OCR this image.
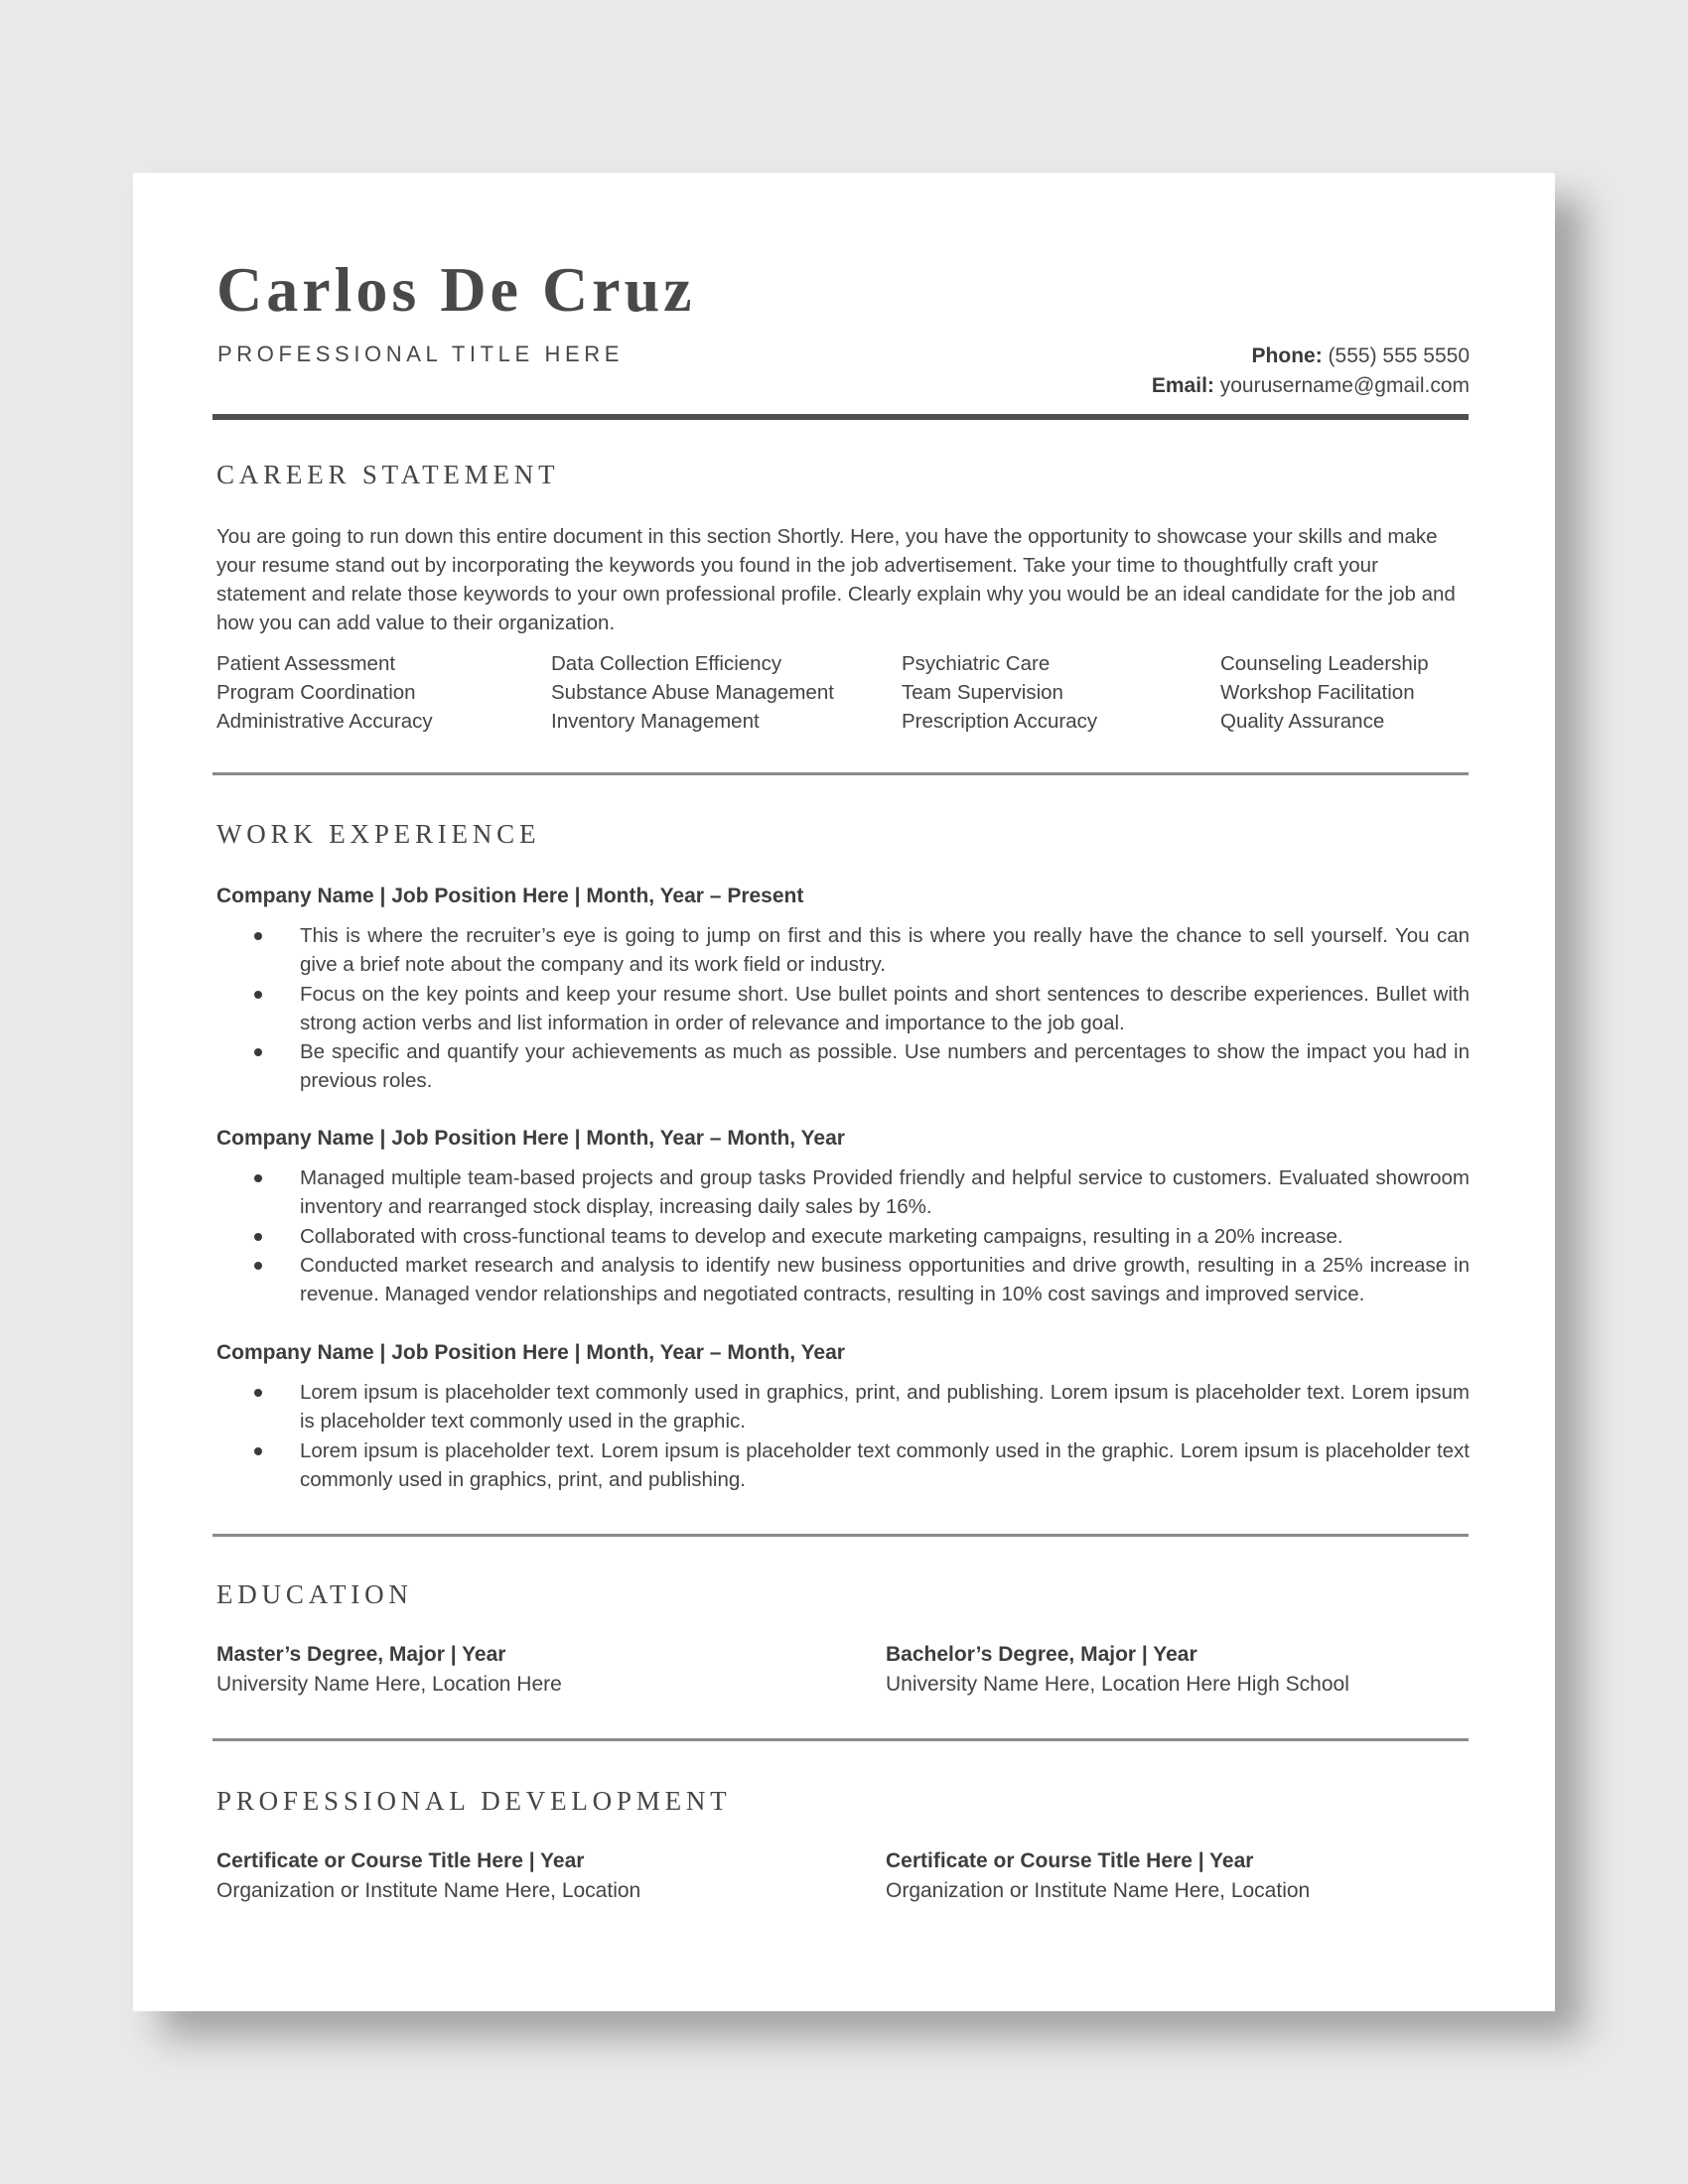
Carlos De Cruz
PROFESSIONAL TITLE HERE	Phone: (555) 555 5550
Email: yourusername@gmail.com
CAREER STATEMENT
You are going to run down this entire document in this section Shortly. Here, you have the opportunity to showcase your skills and make your resume stand out by incorporating the keywords you found in the job advertisement. Take your time to thoughtfully craft your statement and relate those keywords to your own professional profile. Clearly explain why you would be an ideal candidate for the job and how you can add value to their organization.
Patient Assessment
Program Coordination
Administrative Accuracy
Data Collection Efficiency
Substance Abuse Management
Inventory Management
Psychiatric Care
Team Supervision
Prescription Accuracy
Counseling Leadership
Workshop Facilitation
Quality Assurance
WORK EXPERIENCE
Company Name | Job Position Here | Month, Year – Present
This is where the recruiter’s eye is going to jump on first and this is where you really have the chance to sell yourself. You can give a brief note about the company and its work field or industry.
Focus on the key points and keep your resume short. Use bullet points and short sentences to describe experiences. Bullet with strong action verbs and list information in order of relevance and importance to the job goal.
Be specific and quantify your achievements as much as possible. Use numbers and percentages to show the impact you had in previous roles.
Company Name | Job Position Here | Month, Year – Month, Year
Managed multiple team-based projects and group tasks Provided friendly and helpful service to customers. Evaluated showroom inventory and rearranged stock display, increasing daily sales by 16%.
Collaborated with cross-functional teams to develop and execute marketing campaigns, resulting in a 20% increase.
Conducted market research and analysis to identify new business opportunities and drive growth, resulting in a 25% increase in revenue. Managed vendor relationships and negotiated contracts, resulting in 10% cost savings and improved service.
Company Name | Job Position Here | Month, Year – Month, Year
Lorem ipsum is placeholder text commonly used in graphics, print, and publishing. Lorem ipsum is placeholder text. Lorem ipsum is placeholder text commonly used in the graphic.
Lorem ipsum is placeholder text. Lorem ipsum is placeholder text commonly used in the graphic. Lorem ipsum is placeholder text commonly used in graphics, print, and publishing.
EDUCATION
Master’s Degree, Major | Year
University Name Here, Location Here
Bachelor’s Degree, Major | Year
University Name Here, Location Here High School
PROFESSIONAL DEVELOPMENT
Certificate or Course Title Here | Year
Organization or Institute Name Here, Location
Certificate or Course Title Here | Year
Organization or Institute Name Here, Location
